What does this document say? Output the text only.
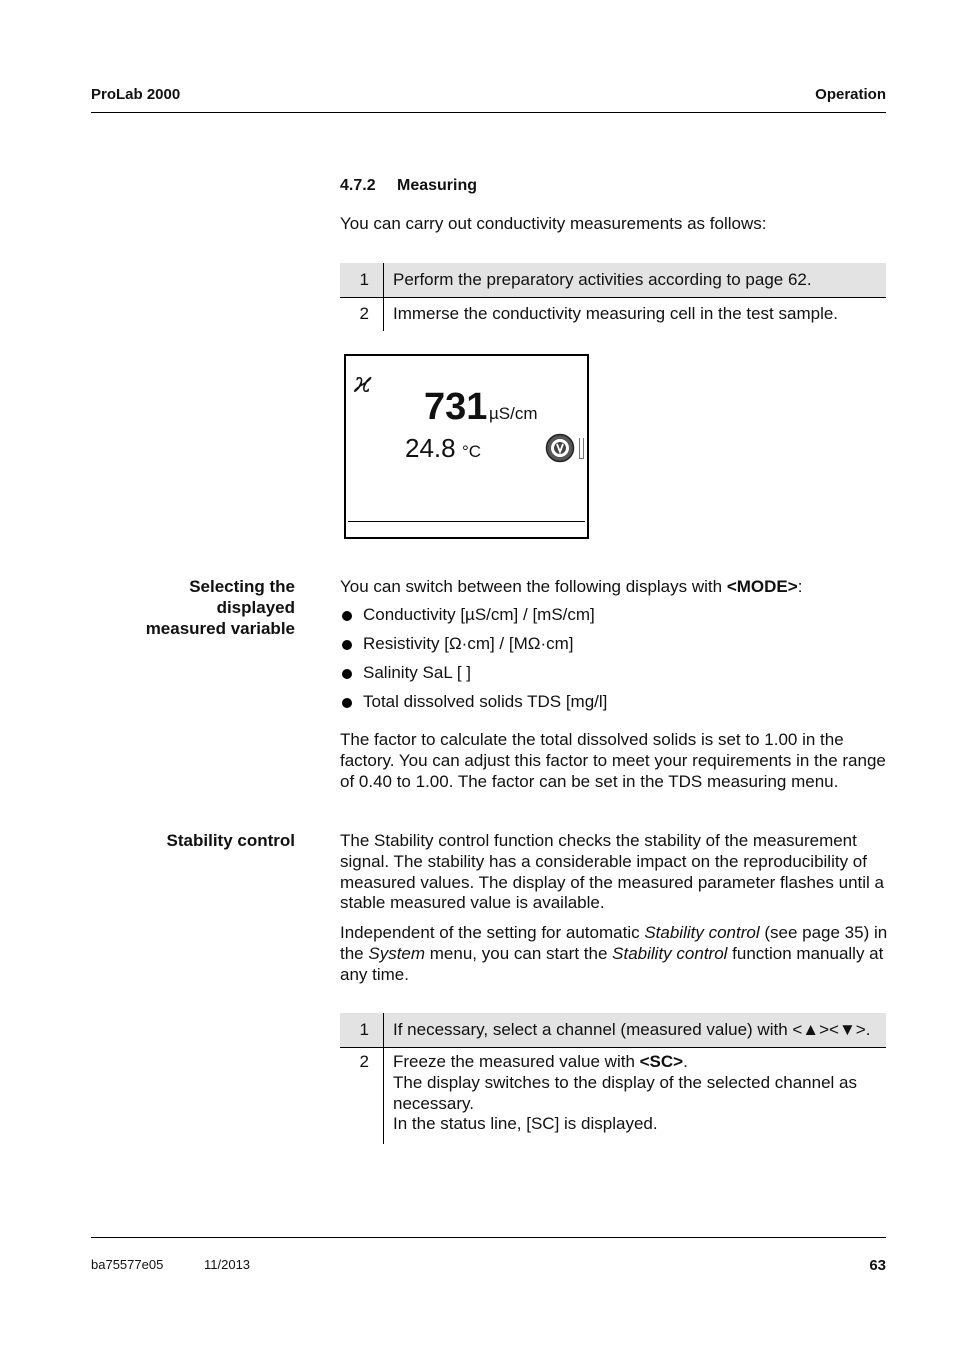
ProLab 2000	Operation
4.7.2 Measuring
You can carry out conductivity measurements as follows:
1	Perform the preparatory activities according to page 62.
2	Immerse the conductivity measuring cell in the test sample.
ϰ
731 µS/cm
24.8 °C
Selecting the
displayed
measured variable
You can switch between the following displays with <MODE>:
Conductivity [µS/cm] / [mS/cm]
Resistivity [Ω·cm] / [MΩ·cm]
Salinity SaL [ ]
Total dissolved solids TDS [mg/l]
The factor to calculate the total dissolved solids is set to 1.00 in the factory. You can adjust this factor to meet your requirements in the range of 0.40 to 1.00. The factor can be set in the TDS measuring menu.
Stability control	The Stability control function checks the stability of the measurement signal. The stability has a considerable impact on the reproducibility of measured values. The display of the measured parameter flashes until a stable measured value is available.
Independent of the setting for automatic Stability control (see page 35) in the System menu, you can start the Stability control function manually at any time.
1	If necessary, select a channel (measured value) with <▲><▼>.
2	Freeze the measured value with <SC>.
The display switches to the display of the selected channel as necessary.
In the status line, [SC] is displayed.
ba75577e05	11/2013	63
